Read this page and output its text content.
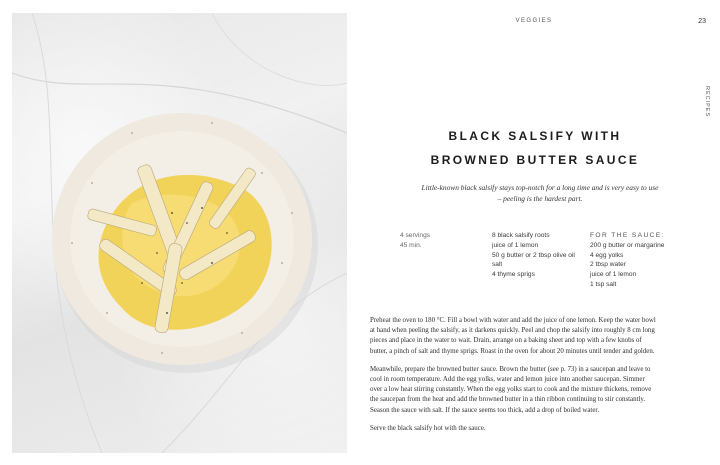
VEGGIES	23
RECIPES
BLACK SALSIFY WITH
BROWNED BUTTER SAUCE
Little-known black salsify stays top-notch for a long time and is very easy to use
– peeling is the hardest part.
4 servings
45 min.
8 black salsify roots
juice of 1 lemon
50 g butter or 2 tbsp olive oil
salt
4 thyme sprigs
FOR THE SAUCE:
200 g butter or margarine
4 egg yolks
2 tbsp water
juice of 1 lemon
1 tsp salt

Preheat the oven to 180 °C. Fill a bowl with water and add the juice of one lemon. Keep the water bowl
at hand when peeling the salsify, as it darkens quickly. Peel and chop the salsify into roughly 8 cm long
pieces and place in the water to wait. Drain, arrange on a baking sheet and top with a few knobs of
butter, a pinch of salt and thyme sprigs. Roast in the oven for about 20 minutes until tender and golden.

Meanwhile, prepare the browned butter sauce. Brown the butter (see p. 73) in a saucepan and leave to
cool in room temperature. Add the egg yolks, water and lemon juice into another saucepan. Simmer
over a low heat stirring constantly. When the egg yolks start to cook and the mixture thickens, remove
the saucepan from the heat and add the browned butter in a thin ribbon continuing to stir constantly.
Season the sauce with salt. If the sauce seems too thick, add a drop of boiled water.

Serve the black salsify hot with the sauce.
